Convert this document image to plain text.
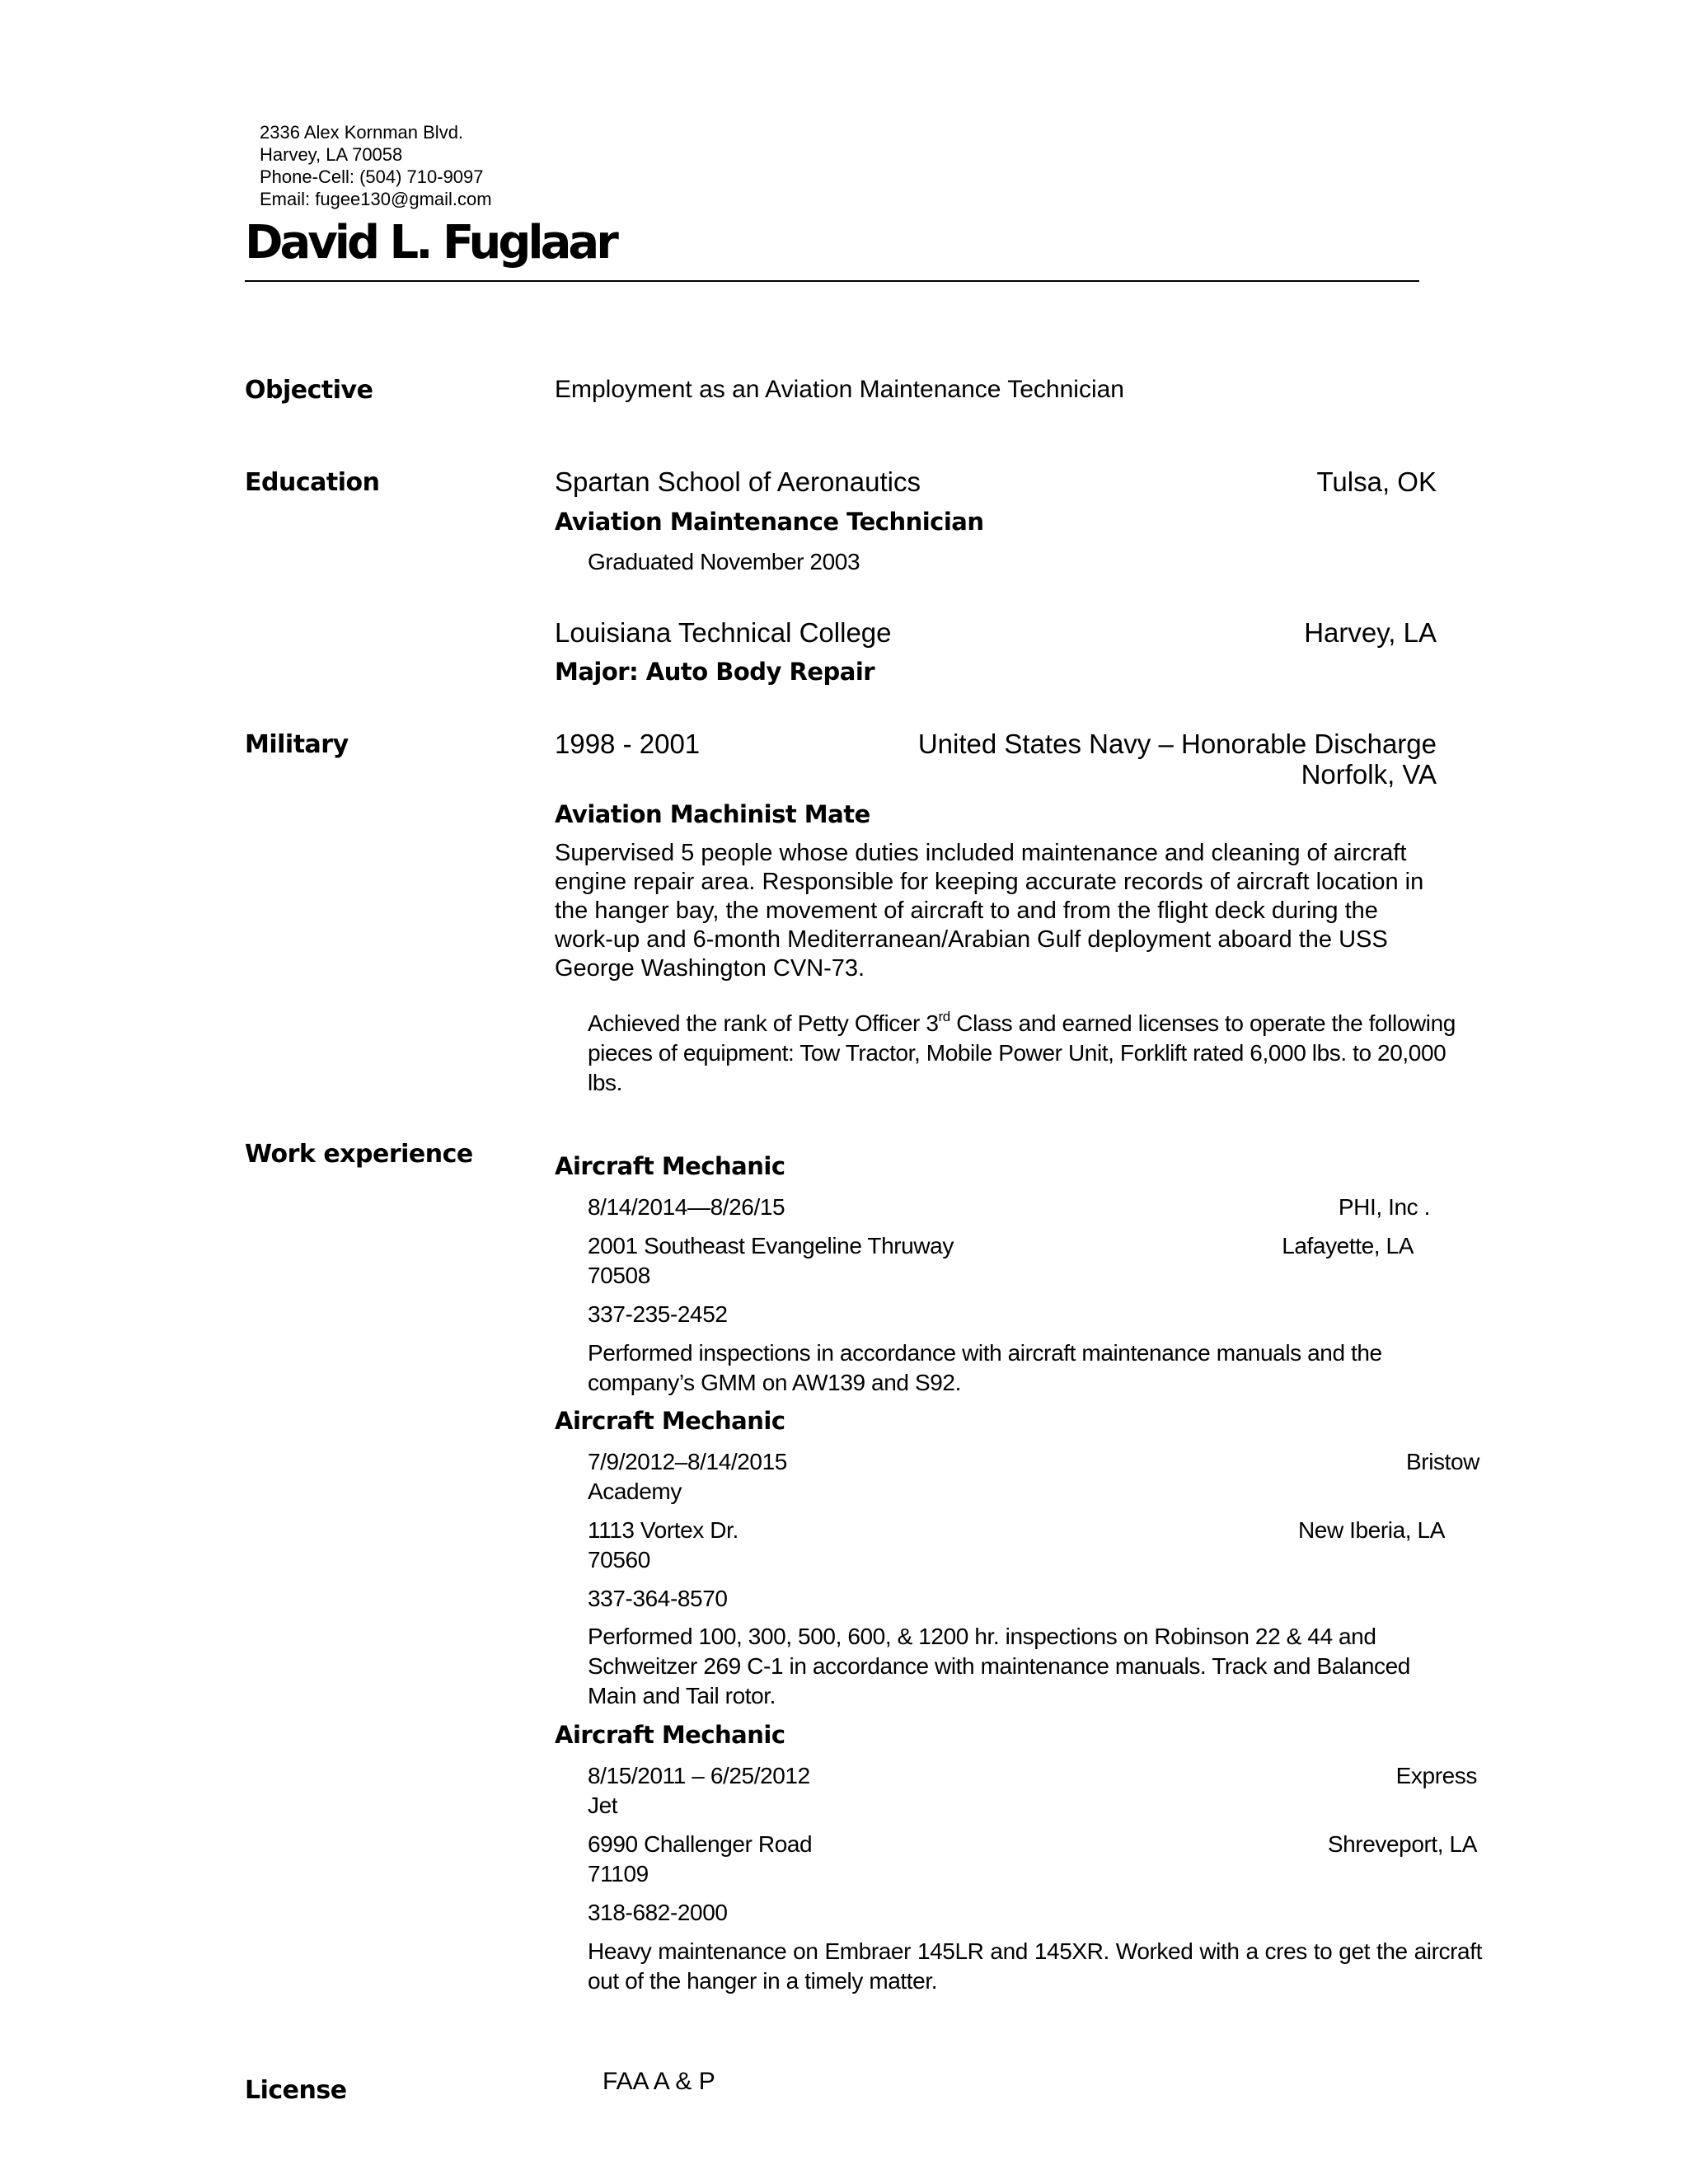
2336 Alex Kornman Blvd.
Harvey, LA 70058
Phone-Cell: (504) 710-9097
Email: fugee130@gmail.com
David L. Fuglaar
Objective	Employment as an Aviation Maintenance Technician
Education	Spartan School of Aeronautics	Tulsa, OK
Aviation Maintenance Technician
Graduated November 2003
Louisiana Technical College	Harvey, LA
Major: Auto Body Repair
Military	1998 - 2001	United States Navy – Honorable Discharge
Norfolk, VA
Aviation Machinist Mate
Supervised 5 people whose duties included maintenance and cleaning of aircraft engine repair area. Responsible for keeping accurate records of aircraft location in the hanger bay, the movement of aircraft to and from the flight deck during the work-up and 6-month Mediterranean/Arabian Gulf deployment aboard the USS George Washington CVN-73.
Achieved the rank of Petty Officer 3rd Class and earned licenses to operate the following pieces of equipment: Tow Tractor, Mobile Power Unit, Forklift rated 6,000 lbs. to 20,000 lbs.
Work experience	Aircraft Mechanic
8/14/2014—8/26/15	PHI, Inc .
2001 Southeast Evangeline Thruway	Lafayette, LA
70508
337-235-2452
Performed inspections in accordance with aircraft maintenance manuals and the company’s GMM on AW139 and S92.
Aircraft Mechanic
7/9/2012–8/14/2015	Bristow
Academy
1113 Vortex Dr.	New Iberia, LA
70560
337-364-8570
Performed 100, 300, 500, 600, & 1200 hr. inspections on Robinson 22 & 44 and Schweitzer 269 C-1 in accordance with maintenance manuals. Track and Balanced Main and Tail rotor.
Aircraft Mechanic
8/15/2011 – 6/25/2012	Express
Jet
6990 Challenger Road	Shreveport, LA
71109
318-682-2000
Heavy maintenance on Embraer 145LR and 145XR. Worked with a cres to get the aircraft out of the hanger in a timely matter.
License	FAA A & P
